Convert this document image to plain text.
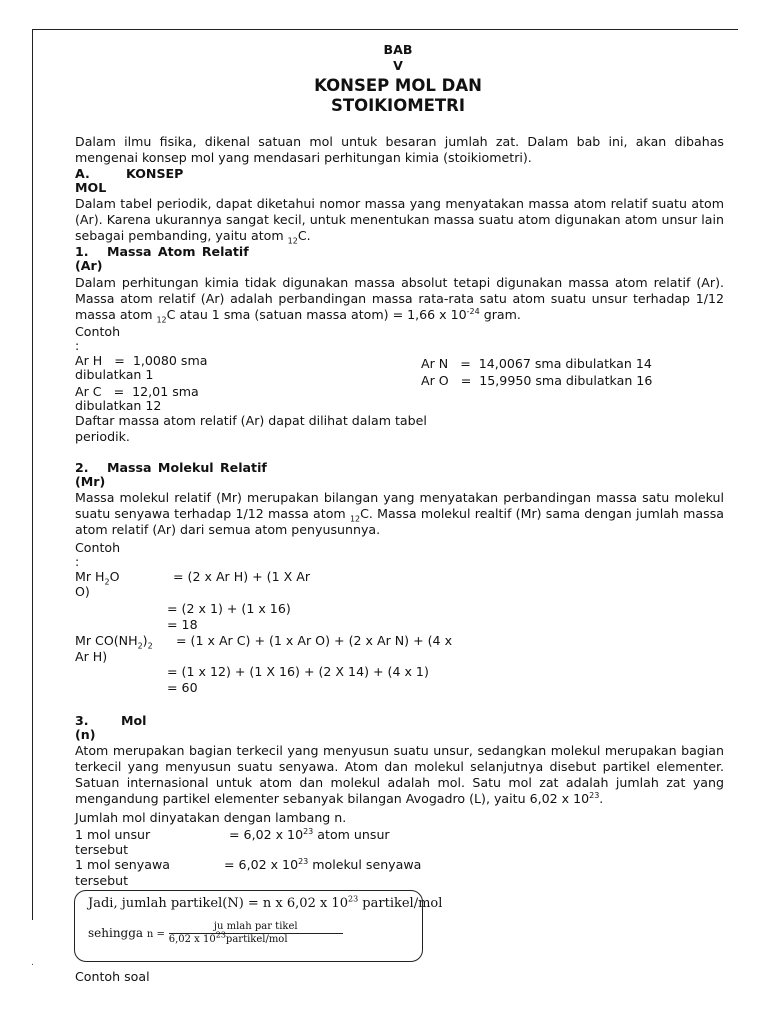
.
BAB
V
KONSEP MOL DAN
STOIKIOMETRI
Dalam ilmu fisika, dikenal satuan mol untuk besaran jumlah zat. Dalam bab ini, akan dibahas mengenai konsep mol yang mendasari perhitungan kimia (stoikiometri).
A.	KONSEP
MOL
Dalam tabel periodik, dapat diketahui nomor massa yang menyatakan massa atom relatif suatu atom (Ar). Karena ukurannya sangat kecil, untuk menentukan massa suatu atom digunakan atom unsur lain sebagai pembanding, yaitu atom $_{12}$C.
1. Massa Atom Relatif
(Ar)
Dalam perhitungan kimia tidak digunakan massa absolut tetapi digunakan massa atom relatif (Ar). Massa atom relatif (Ar) adalah perbandingan massa rata-rata satu atom suatu unsur terhadap 1/12 massa atom $_{12}$C atau 1 sma (satuan massa atom) = 1,66 x $10^{-24}$ gram.
Contoh
:
Ar H   =  1,0080 sma
dibulatkan 1
Ar C   =  12,01 sma
dibulatkan 12
Ar N   =  14,0067 sma dibulatkan 14
Ar O   =  15,9950 sma dibulatkan 16
Daftar massa atom relatif (Ar) dapat dilihat dalam tabel periodik.
2. Massa Molekul Relatif
(Mr)
Massa molekul relatif (Mr) merupakan bilangan yang menyatakan perbandingan massa satu molekul suatu senyawa terhadap 1/12 massa atom $_{12}$C. Massa molekul realtif (Mr) sama dengan jumlah massa atom relatif (Ar) dari semua atom penyusunnya.
Contoh
:
Mr $H_2O$	= (2 x Ar H) + (1 X Ar
O)
= (2 x 1) + (1 x 16)
= 18
Mr $CO(NH_2)_2 = (1$ x Ar C) + (1 x Ar O) + (2 x Ar N) + (4 x
Ar H)
= (1 x 12) + (1 X 16) + (2 X 14) + (4 x 1)
= 60
3.	Mol
(n)
Atom merupakan bagian terkecil yang menyusun suatu unsur, sedangkan molekul merupakan bagian terkecil yang menyusun suatu senyawa. Atom dan molekul selanjutnya disebut partikel elementer. Satuan internasional untuk atom dan molekul adalah mol. Satu mol zat adalah jumlah zat yang mengandung partikel elementer sebanyak bilangan Avogadro (L), yaitu 6,02 x $10^{23}$.
Jumlah mol dinyatakan dengan lambang n.
1 mol unsur	= 6,02 x $10^{23}$ atom unsur
tersebut
1 mol senyawa	= 6,02 x $10^{23}$ molekul senyawa
tersebut
Jadi, jumlah partikel(N) = n x 6,02 x $10^{23}$ partikel/mol
sehingga $n = \frac{\text{ju mlah par tikel}}{6,02 x 10^{23}partikel/mol}$
Contoh soal
